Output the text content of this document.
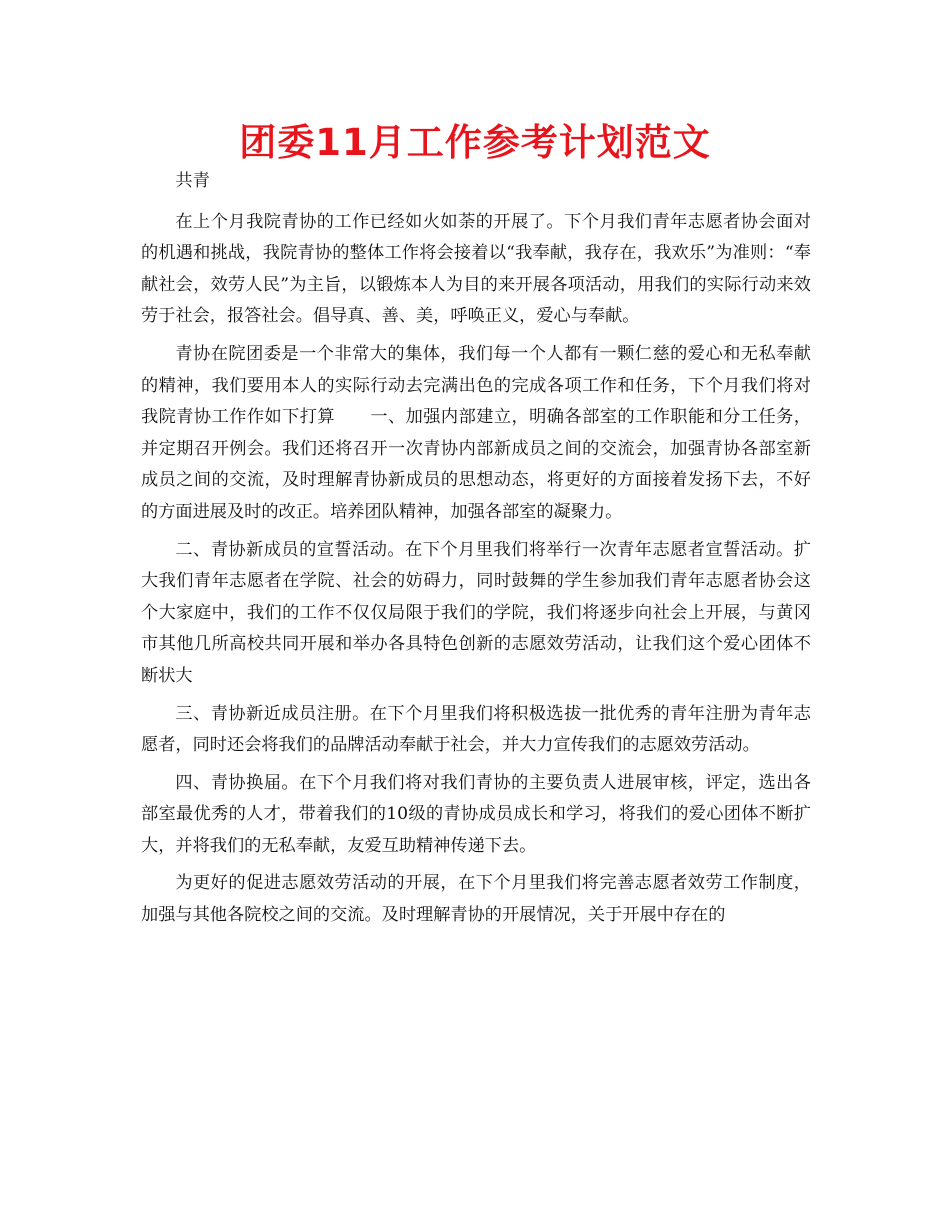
团委11月工作参考计划范文

共青

在上个月我院青协的工作已经如火如荼的开展了。下个月我们青年志愿者协会面对的机遇和挑战，我院青协的整体工作将会接着以“我奉献，我存在，我欢乐”为准则：“奉献社会，效劳人民”为主旨，以锻炼本人为目的来开展各项活动，用我们的实际行动来效劳于社会，报答社会。倡导真、善、美，呼唤正义，爱心与奉献。

青协在院团委是一个非常大的集体，我们每一个人都有一颗仁慈的爱心和无私奉献的精神，我们要用本人的实际行动去完满出色的完成各项工作和任务，下个月我们将对我院青协工作作如下打算　　一、加强内部建立，明确各部室的工作职能和分工任务，并定期召开例会。我们还将召开一次青协内部新成员之间的交流会，加强青协各部室新成员之间的交流，及时理解青协新成员的思想动态，将更好的方面接着发扬下去，不好的方面进展及时的改正。培养团队精神，加强各部室的凝聚力。

二、青协新成员的宣誓活动。在下个月里我们将举行一次青年志愿者宣誓活动。扩大我们青年志愿者在学院、社会的妨碍力，同时鼓舞的学生参加我们青年志愿者协会这个大家庭中，我们的工作不仅仅局限于我们的学院，我们将逐步向社会上开展，与黄冈市其他几所高校共同开展和举办各具特色创新的志愿效劳活动，让我们这个爱心团体不断状大

三、青协新近成员注册。在下个月里我们将积极选拔一批优秀的青年注册为青年志愿者，同时还会将我们的品牌活动奉献于社会，并大力宣传我们的志愿效劳活动。

四、青协换届。在下个月我们将对我们青协的主要负责人进展审核，评定，选出各部室最优秀的人才，带着我们的10级的青协成员成长和学习，将我们的爱心团体不断扩大，并将我们的无私奉献，友爱互助精神传递下去。

为更好的促进志愿效劳活动的开展，在下个月里我们将完善志愿者效劳工作制度，加强与其他各院校之间的交流。及时理解青协的开展情况，关于开展中存在的
